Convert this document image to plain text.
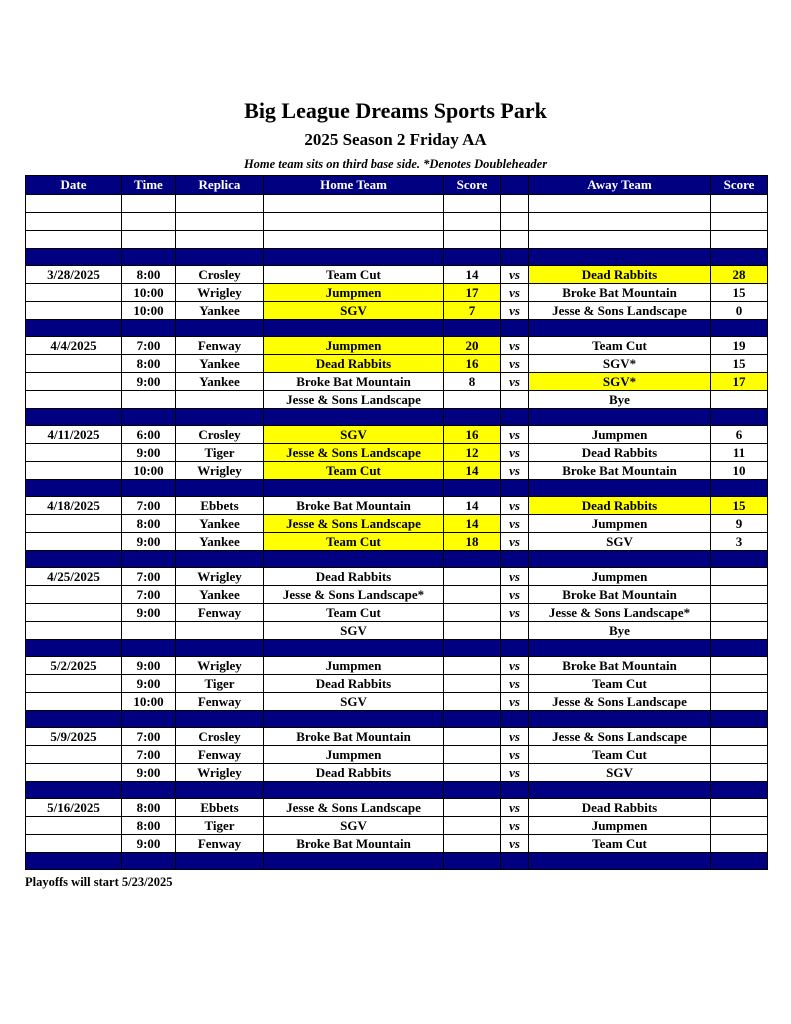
Big League Dreams Sports Park
2025 Season 2 Friday AA
Home team sits on third base side. *Denotes Doubleheader
Date	Time	Replica	Home Team	Score		Away Team	Score

3/28/2025	8:00	Crosley	Team Cut	14	vs	Dead Rabbits	28
	10:00	Wrigley	Jumpmen	17	vs	Broke Bat Mountain	15
	10:00	Yankee	SGV	7	vs	Jesse & Sons Landscape	0

4/4/2025	7:00	Fenway	Jumpmen	20	vs	Team Cut	19
	8:00	Yankee	Dead Rabbits	16	vs	SGV*	15
	9:00	Yankee	Broke Bat Mountain	8	vs	SGV*	17
			Jesse & Sons Landscape			Bye	

4/11/2025	6:00	Crosley	SGV	16	vs	Jumpmen	6
	9:00	Tiger	Jesse & Sons Landscape	12	vs	Dead Rabbits	11
	10:00	Wrigley	Team Cut	14	vs	Broke Bat Mountain	10

4/18/2025	7:00	Ebbets	Broke Bat Mountain	14	vs	Dead Rabbits	15
	8:00	Yankee	Jesse & Sons Landscape	14	vs	Jumpmen	9
	9:00	Yankee	Team Cut	18	vs	SGV	3

4/25/2025	7:00	Wrigley	Dead Rabbits		vs	Jumpmen	
	7:00	Yankee	Jesse & Sons Landscape*		vs	Broke Bat Mountain	
	9:00	Fenway	Team Cut		vs	Jesse & Sons Landscape*	
			SGV			Bye	

5/2/2025	9:00	Wrigley	Jumpmen		vs	Broke Bat Mountain	
	9:00	Tiger	Dead Rabbits		vs	Team Cut	
	10:00	Fenway	SGV		vs	Jesse & Sons Landscape	

5/9/2025	7:00	Crosley	Broke Bat Mountain		vs	Jesse & Sons Landscape	
	7:00	Fenway	Jumpmen		vs	Team Cut	
	9:00	Wrigley	Dead Rabbits		vs	SGV	

5/16/2025	8:00	Ebbets	Jesse & Sons Landscape		vs	Dead Rabbits	
	8:00	Tiger	SGV		vs	Jumpmen	
	9:00	Fenway	Broke Bat Mountain		vs	Team Cut	

Playoffs will start 5/23/2025
